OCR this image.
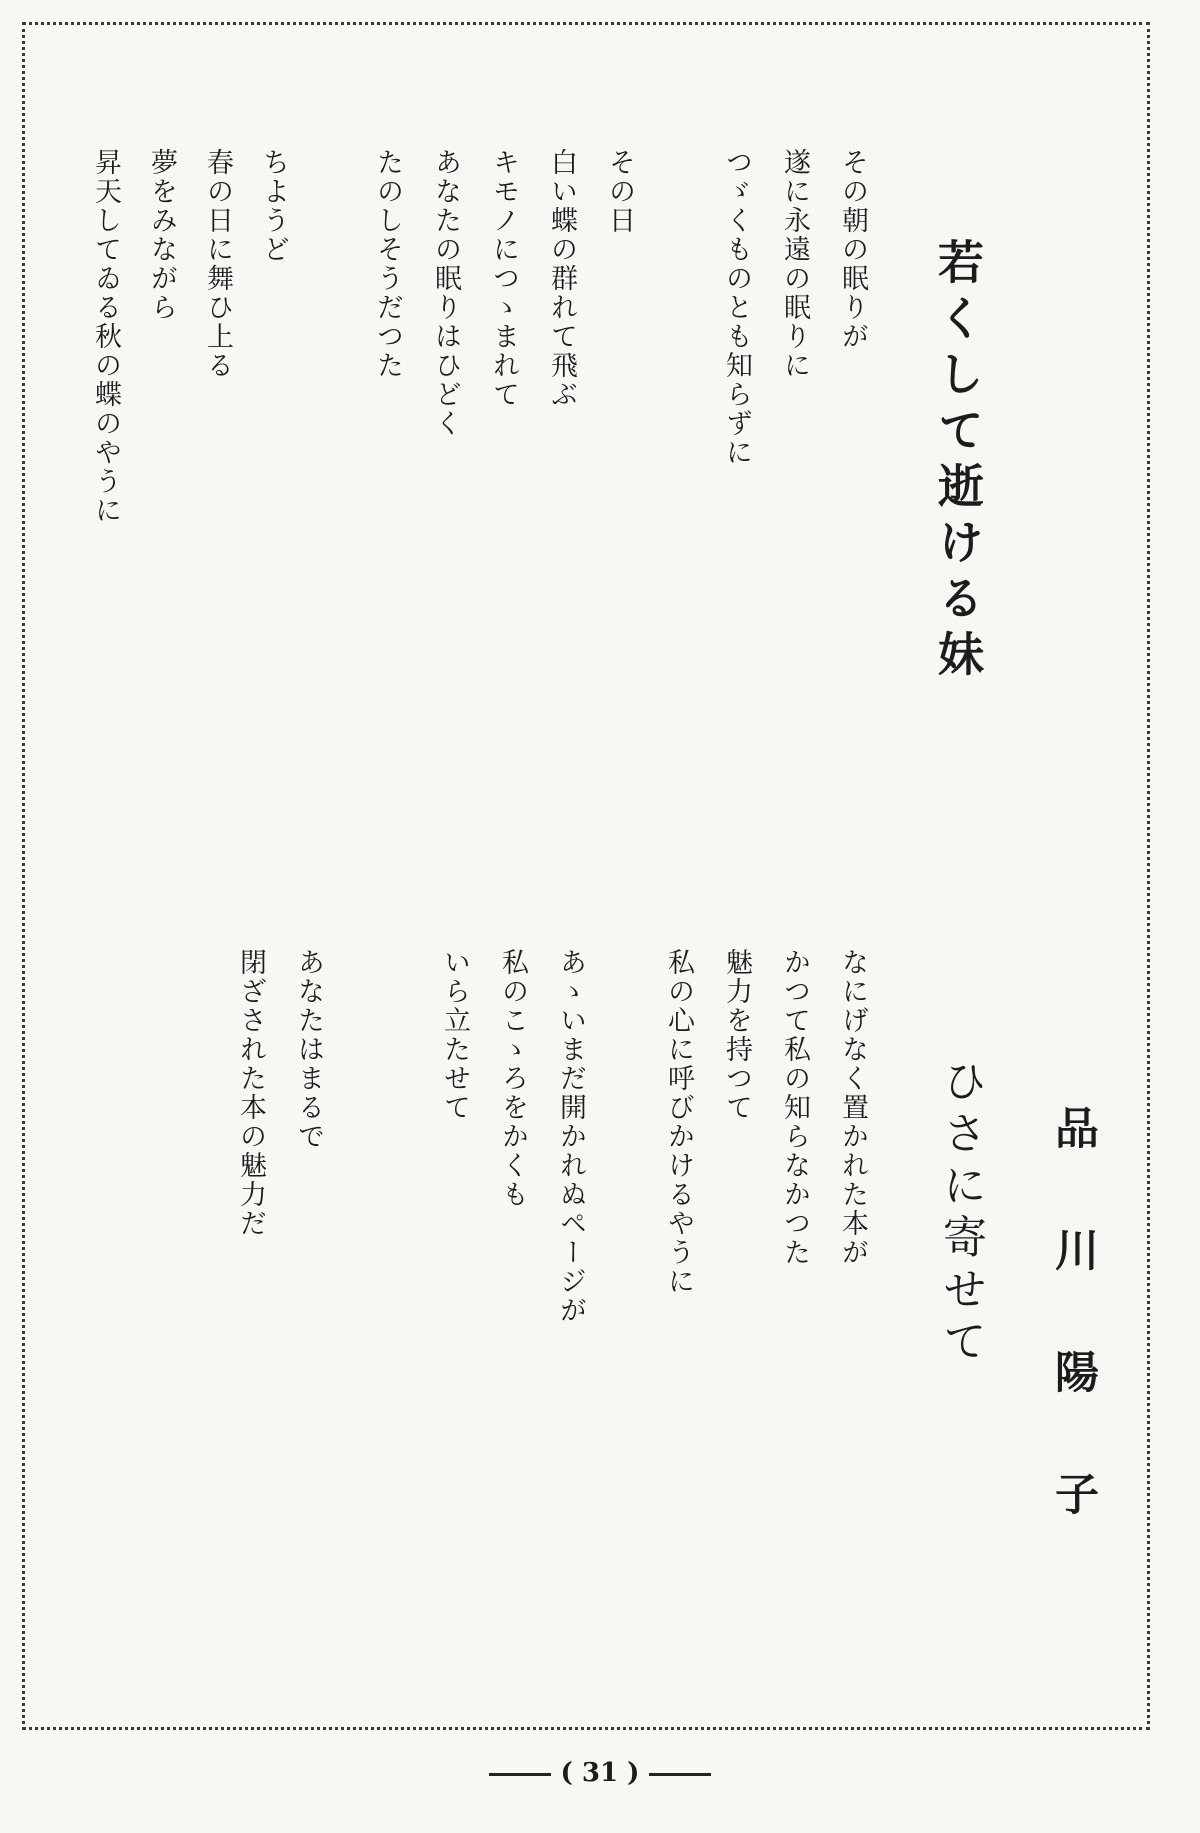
若くして逝ける妹
その朝の眠りが
遂に永遠の眠りに
つゞくものとも知らずに
その日
白い蝶の群れて飛ぶ
キモノにつゝまれて
あなたの眠りはひどく
たのしそうだつた
ちようど
春の日に舞ひ上る
夢をみながら
昇天してゐる秋の蝶のやうに
品川陽子
ひさに寄せて
なにげなく置かれた本が
かつて私の知らなかつた
魅力を持つて
私の心に呼びかけるやうに
あゝいまだ開かれぬページが
私のこゝろをかくも
いら立たせて
あなたはまるで
閉ざされた本の魅力だ
( 31 )
